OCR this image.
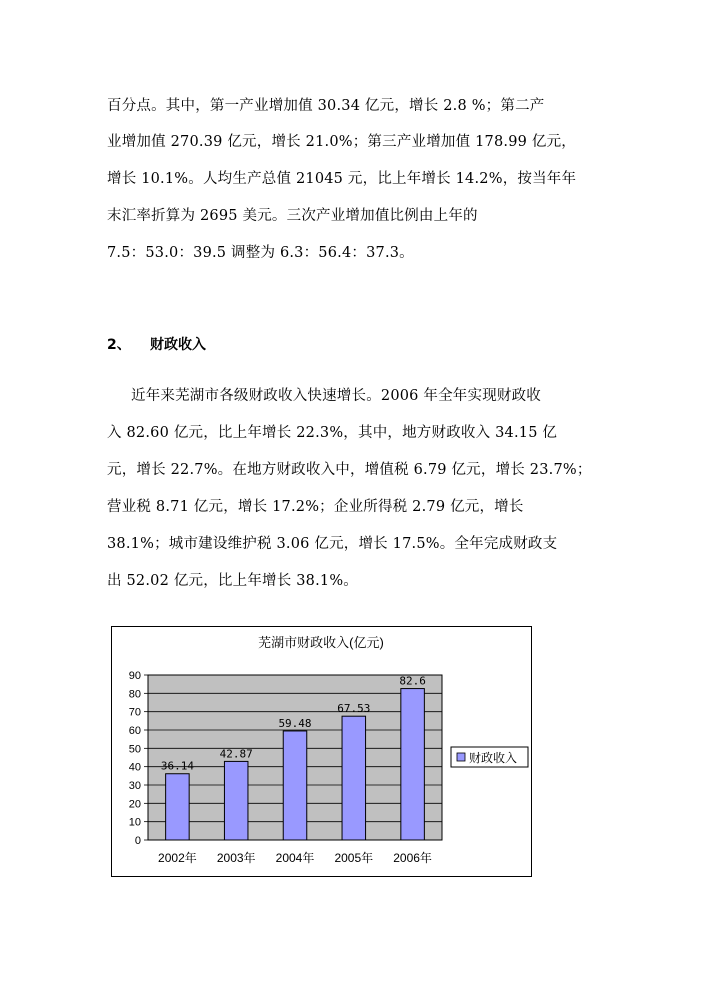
百分点。其中，第一产业增加值 30.34 亿元，增长 2.8 %；第二产
业增加值 270.39 亿元，增长 21.0%；第三产业增加值 178.99 亿元，
增长 10.1%。人均生产总值 21045 元，比上年增长 14.2%，按当年年
末汇率折算为 2695 美元。三次产业增加值比例由上年的
7.5：53.0：39.5 调整为 6.3：56.4：37.3。
2、 财政收入
近年来芜湖市各级财政收入快速增长。2006 年全年实现财政收
入 82.60 亿元，比上年增长 22.3%，其中，地方财政收入 34.15 亿
元，增长 22.7%。在地方财政收入中，增值税 6.79 亿元，增长 23.7%；
营业税 8.71 亿元，增长 17.2%；企业所得税 2.79 亿元，增长
38.1%；城市建设维护税 3.06 亿元，增长 17.5%。全年完成财政支
出 52.02 亿元，比上年增长 38.1%。
芜湖市财政收入(亿元)
0
10
20
30
40
50
60
70
80
90
36.14
42.87
59.48
67.53
82.6
2002年 2003年 2004年 2005年 2006年
财政收入
